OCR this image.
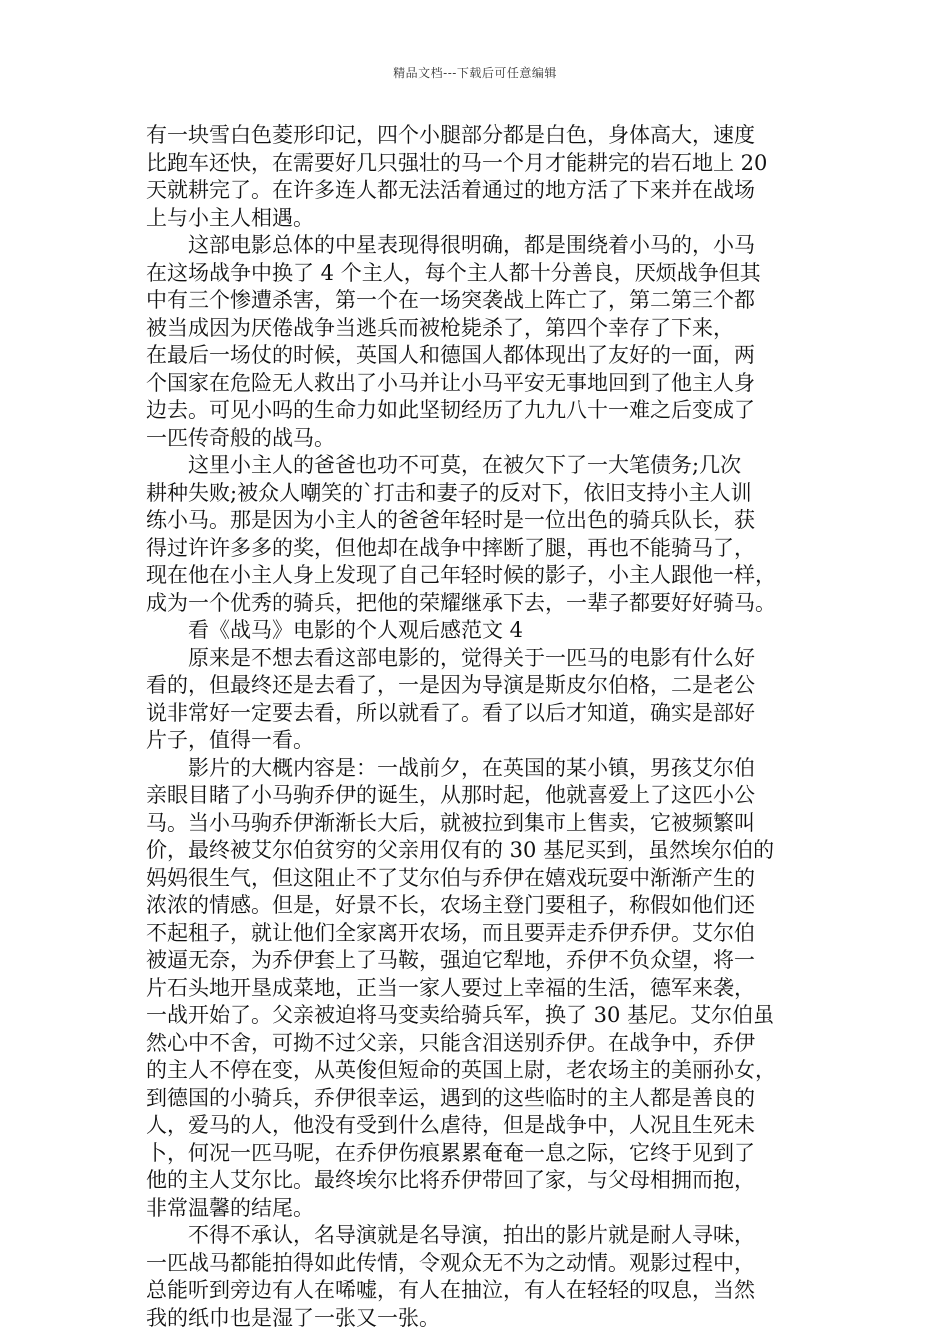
精品文档---下载后可任意编辑
有一块雪白色菱形印记，四个小腿部分都是白色，身体高大，速度
比跑车还快，在需要好几只强壮的马一个月才能耕完的岩石地上 20
天就耕完了。在许多连人都无法活着通过的地方活了下来并在战场
上与小主人相遇。
　　这部电影总体的中星表现得很明确，都是围绕着小马的，小马
在这场战争中换了 4 个主人，每个主人都十分善良，厌烦战争但其
中有三个惨遭杀害，第一个在一场突袭战上阵亡了，第二第三个都
被当成因为厌倦战争当逃兵而被枪毙杀了，第四个幸存了下来，
在最后一场仗的时候，英国人和德国人都体现出了友好的一面，两
个国家在危险无人救出了小马并让小马平安无事地回到了他主人身
边去。可见小吗的生命力如此坚韧经历了九九八十一难之后变成了
一匹传奇般的战马。
　　这里小主人的爸爸也功不可莫，在被欠下了一大笔债务;几次
耕种失败;被众人嘲笑的`打击和妻子的反对下，依旧支持小主人训
练小马。那是因为小主人的爸爸年轻时是一位出色的骑兵队长，获
得过许许多多的奖，但他却在战争中摔断了腿，再也不能骑马了，
现在他在小主人身上发现了自己年轻时候的影子，小主人跟他一样，
成为一个优秀的骑兵，把他的荣耀继承下去，一辈子都要好好骑马。
　　看《战马》电影的个人观后感范文 4
　　原来是不想去看这部电影的，觉得关于一匹马的电影有什么好
看的，但最终还是去看了，一是因为导演是斯皮尔伯格，二是老公
说非常好一定要去看，所以就看了。看了以后才知道，确实是部好
片子，值得一看。
　　影片的大概内容是：一战前夕，在英国的某小镇，男孩艾尔伯
亲眼目睹了小马驹乔伊的诞生，从那时起，他就喜爱上了这匹小公
马。当小马驹乔伊渐渐长大后，就被拉到集市上售卖，它被频繁叫
价，最终被艾尔伯贫穷的父亲用仅有的 30 基尼买到，虽然埃尔伯的
妈妈很生气，但这阻止不了艾尔伯与乔伊在嬉戏玩耍中渐渐产生的
浓浓的情感。但是，好景不长，农场主登门要租子，称假如他们还
不起租子，就让他们全家离开农场，而且要弄走乔伊乔伊。艾尔伯
被逼无奈，为乔伊套上了马鞍，强迫它犁地，乔伊不负众望，将一
片石头地开垦成菜地，正当一家人要过上幸福的生活，德军来袭，
一战开始了。父亲被迫将马变卖给骑兵军，换了 30 基尼。艾尔伯虽
然心中不舍，可拗不过父亲，只能含泪送别乔伊。在战争中，乔伊
的主人不停在变，从英俊但短命的英国上尉，老农场主的美丽孙女，
到德国的小骑兵，乔伊很幸运，遇到的这些临时的主人都是善良的
人，爱马的人，他没有受到什么虐待，但是战争中，人况且生死未
卜，何况一匹马呢，在乔伊伤痕累累奄奄一息之际，它终于见到了
他的主人艾尔比。最终埃尔比将乔伊带回了家，与父母相拥而抱，
非常温馨的结尾。
　　不得不承认，名导演就是名导演，拍出的影片就是耐人寻味，
一匹战马都能拍得如此传情，令观众无不为之动情。观影过程中，
总能听到旁边有人在唏嘘，有人在抽泣，有人在轻轻的叹息，当然
我的纸巾也是湿了一张又一张。
